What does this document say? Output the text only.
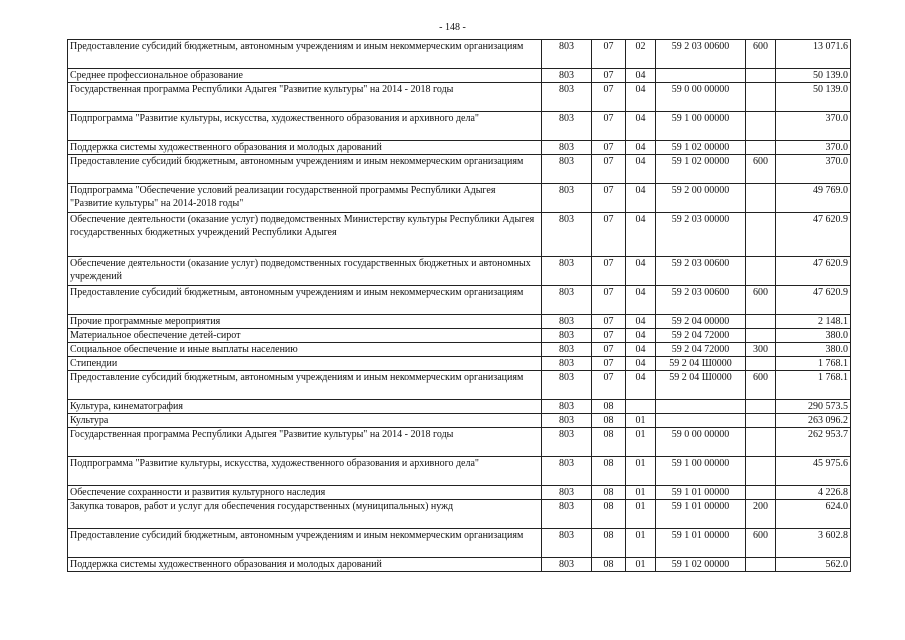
- 148 -
Предоставление субсидий бюджетным, автономным учреждениям и иным некоммерческим организациям	803	07	02	59 2 03 00600	600	13 071.6
Среднее профессиональное образование	803	07	04			50 139.0
Государственная программа Республики Адыгея "Развитие культуры" на 2014 - 2018 годы	803	07	04	59 0 00 00000		50 139.0
Подпрограмма "Развитие культуры, искусства, художественного образования и архивного дела"	803	07	04	59 1 00 00000		370.0
Поддержка системы художественного образования и молодых дарований	803	07	04	59 1 02 00000		370.0
Предоставление субсидий бюджетным, автономным учреждениям и иным некоммерческим организациям	803	07	04	59 1 02 00000	600	370.0
Подпрограмма "Обеспечение условий реализации государственной программы Республики Адыгея "Развитие культуры" на 2014-2018 годы"	803	07	04	59 2 00 00000		49 769.0
Обеспечение деятельности (оказание услуг) подведомственных Министерству культуры Республики Адыгея государственных бюджетных учреждений Республики Адыгея	803	07	04	59 2 03 00000		47 620.9
Обеспечение деятельности (оказание услуг) подведомственных государственных бюджетных и автономных учреждений	803	07	04	59 2 03 00600		47 620.9
Предоставление субсидий бюджетным, автономным учреждениям и иным некоммерческим организациям	803	07	04	59 2 03 00600	600	47 620.9
Прочие программные мероприятия	803	07	04	59 2 04 00000		2 148.1
Материальное обеспечение детей-сирот	803	07	04	59 2 04 72000		380.0
Социальное обеспечение и иные выплаты населению	803	07	04	59 2 04 72000	300	380.0
Стипендии	803	07	04	59 2 04 Ш0000		1 768.1
Предоставление субсидий бюджетным, автономным учреждениям и иным некоммерческим организациям	803	07	04	59 2 04 Ш0000	600	1 768.1
Культура, кинематография	803	08				290 573.5
Культура	803	08	01			263 096.2
Государственная программа Республики Адыгея "Развитие культуры" на 2014 - 2018 годы	803	08	01	59 0 00 00000		262 953.7
Подпрограмма "Развитие культуры, искусства, художественного образования и архивного дела"	803	08	01	59 1 00 00000		45 975.6
Обеспечение сохранности и развития культурного наследия	803	08	01	59 1 01 00000		4 226.8
Закупка товаров, работ и услуг для обеспечения государственных (муниципальных) нужд	803	08	01	59 1 01 00000	200	624.0
Предоставление субсидий бюджетным, автономным учреждениям и иным некоммерческим организациям	803	08	01	59 1 01 00000	600	3 602.8
Поддержка системы художественного образования и молодых дарований	803	08	01	59 1 02 00000		562.0
